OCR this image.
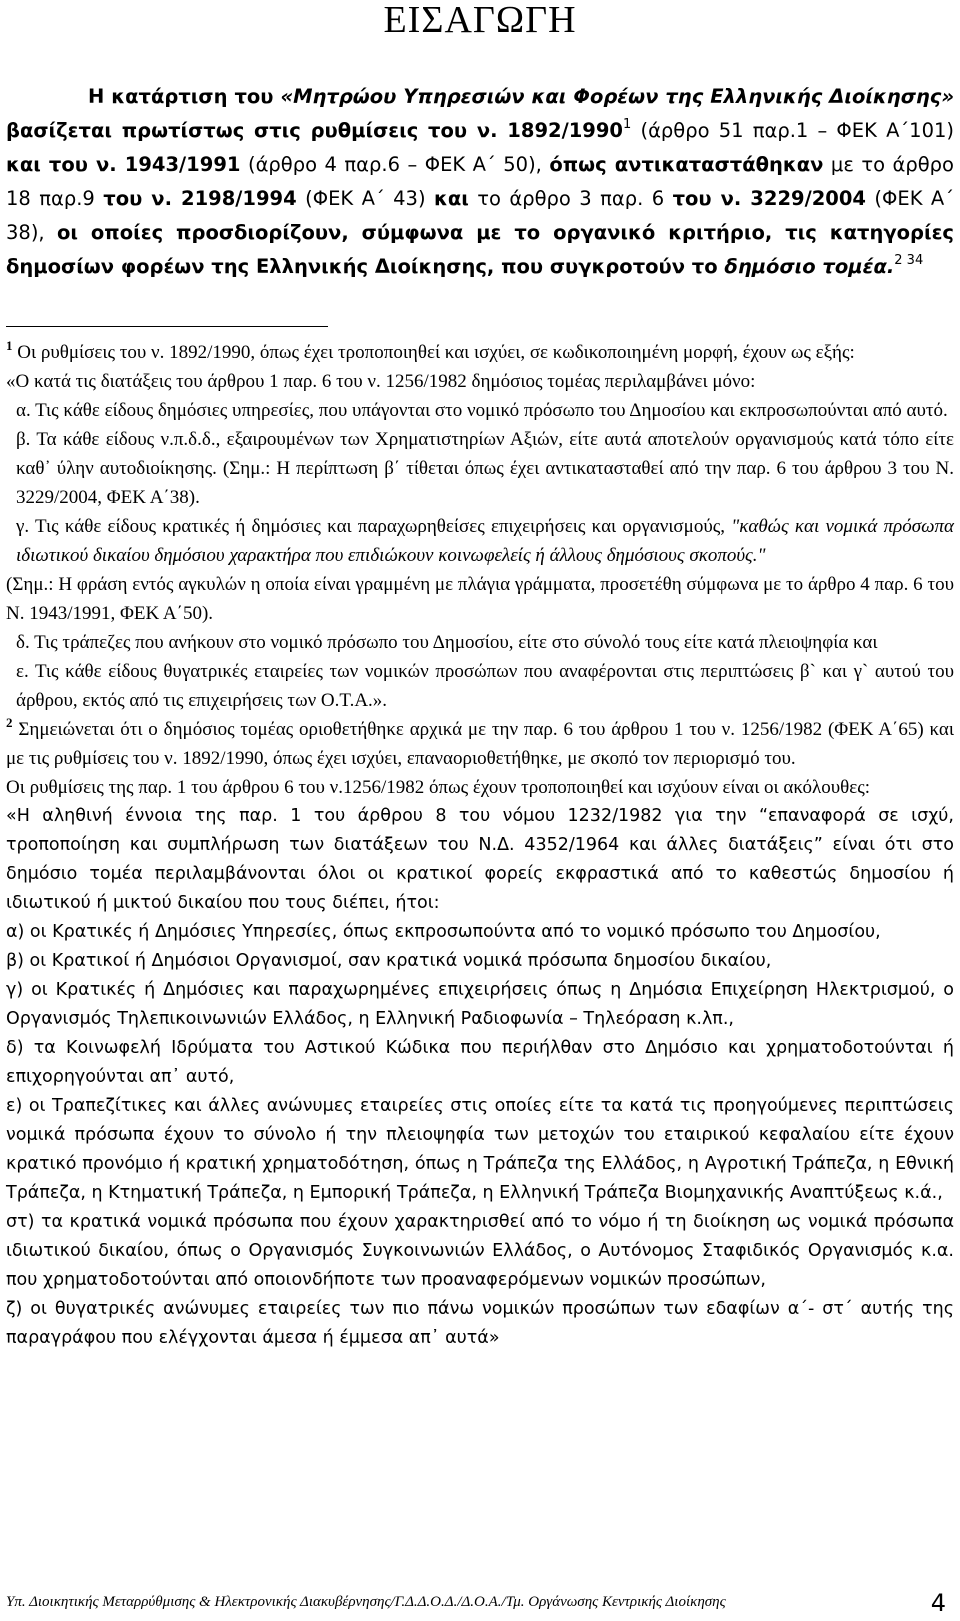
ΕΙΣΑΓΩΓΗ
Η κατάρτιση του «Μητρώου Υπηρεσιών και Φορέων της Ελληνικής Διοίκησης» βασίζεται πρωτίστως στις ρυθμίσεις του ν. 1892/1990$^1$ (άρθρο 51 παρ.1 – ΦΕΚ Α΄101) και του ν. 1943/1991 (άρθρο 4 παρ.6 – ΦΕΚ Α΄ 50), όπως αντικαταστάθηκαν με το άρθρο 18 παρ.9 του ν. 2198/1994 (ΦΕΚ Α΄ 43) και το άρθρο 3 παρ. 6 του ν. 3229/2004 (ΦΕΚ Α΄ 38), οι οποίες προσδιορίζουν, σύμφωνα με το οργανικό κριτήριο, τις κατηγορίες δημοσίων φορέων της Ελληνικής Διοίκησης, που συγκροτούν το δημόσιο τομέα.$^{2 34}$

$^1$ Οι ρυθμίσεις του ν. 1892/1990, όπως έχει τροποποιηθεί και ισχύει, σε κωδικοποιημένη μορφή, έχουν ως εξής:

«Ο κατά τις διατάξεις του άρθρου 1 παρ. 6 του ν. 1256/1982 δημόσιος τομέας περιλαμβάνει μόνο:

α. Τις κάθε είδους δημόσιες υπηρεσίες, που υπάγονται στο νομικό πρόσωπο του Δημοσίου και εκπροσωπούνται από αυτό.

β. Τα κάθε είδους ν.π.δ.δ., εξαιρουμένων των Χρηματιστηρίων Αξιών, είτε αυτά αποτελούν οργανισμούς κατά τόπο είτε καθ᾽ ύλην αυτοδιοίκησης. (Σημ.: Η περίπτωση β΄ τίθεται όπως έχει αντικατασταθεί από την παρ. 6 του άρθρου 3 του Ν. 3229/2004, ΦΕΚ Α΄38).

γ. Τις κάθε είδους κρατικές ή δημόσιες και παραχωρηθείσες επιχειρήσεις και οργανισμούς, "καθώς και νομικά πρόσωπα ιδιωτικού δικαίου δημόσιου χαρακτήρα που επιδιώκουν κοινωφελείς ή άλλους δημόσιους σκοπούς."

(Σημ.: Η φράση εντός αγκυλών η οποία είναι γραμμένη με πλάγια γράμματα, προσετέθη σύμφωνα με το άρθρο 4 παρ. 6 του Ν. 1943/1991, ΦΕΚ Α΄50).

δ. Τις τράπεζες που ανήκουν στο νομικό πρόσωπο του Δημοσίου, είτε στο σύνολό τους είτε κατά πλειοψηφία και

ε. Τις κάθε είδους θυγατρικές εταιρείες των νομικών προσώπων που αναφέρονται στις περιπτώσεις β` και γ` αυτού του άρθρου, εκτός από τις επιχειρήσεις των Ο.Τ.Α.».

$^2$ Σημειώνεται ότι ο δημόσιος τομέας οριοθετήθηκε αρχικά με την παρ. 6 του άρθρου 1 του ν. 1256/1982 (ΦΕΚ Α΄65) και με τις ρυθμίσεις του ν. 1892/1990, όπως έχει ισχύει, επαναοριοθετήθηκε, με σκοπό τον περιορισμό του.

Οι ρυθμίσεις της παρ. 1 του άρθρου 6 του ν.1256/1982 όπως έχουν τροποποιηθεί και ισχύουν είναι οι ακόλουθες:

«Η αληθινή έννοια της παρ. 1 του άρθρου 8 του νόμου 1232/1982 για την “επαναφορά σε ισχύ, τροποποίηση και συμπλήρωση των διατάξεων του Ν.Δ. 4352/1964 και άλλες διατάξεις” είναι ότι στο δημόσιο τομέα περιλαμβάνονται όλοι οι κρατικοί φορείς εκφραστικά από το καθεστώς δημοσίου ή ιδιωτικού ή μικτού δικαίου που τους διέπει, ήτοι:

α) οι Κρατικές ή Δημόσιες Υπηρεσίες, όπως εκπροσωπούντα από το νομικό πρόσωπο του Δημοσίου,

β) οι Κρατικοί ή Δημόσιοι Οργανισμοί, σαν κρατικά νομικά πρόσωπα δημοσίου δικαίου,

γ) οι Κρατικές ή Δημόσιες και παραχωρημένες επιχειρήσεις όπως η Δημόσια Επιχείρηση Ηλεκτρισμού, ο Οργανισμός Τηλεπικοινωνιών Ελλάδος, η Ελληνική Ραδιοφωνία – Τηλεόραση κ.λπ.,

δ) τα Κοινωφελή Ιδρύματα του Αστικού Κώδικα που περιήλθαν στο Δημόσιο και χρηματοδοτούνται ή επιχορηγούνται απ᾽ αυτό,

ε) οι Τραπεζίτικες και άλλες ανώνυμες εταιρείες στις οποίες είτε τα κατά τις προηγούμενες περιπτώσεις νομικά πρόσωπα έχουν το σύνολο ή την πλειοψηφία των μετοχών του εταιρικού κεφαλαίου είτε έχουν κρατικό προνόμιο ή κρατική χρηματοδότηση, όπως η Τράπεζα της Ελλάδος, η Αγροτική Τράπεζα, η Εθνική Τράπεζα, η Κτηματική Τράπεζα, η Εμπορική Τράπεζα, η Ελληνική Τράπεζα Βιομηχανικής Αναπτύξεως κ.ά.,

στ) τα κρατικά νομικά πρόσωπα που έχουν χαρακτηρισθεί από το νόμο ή τη διοίκηση ως νομικά πρόσωπα ιδιωτικού δικαίου, όπως ο Οργανισμός Συγκοινωνιών Ελλάδος, ο Αυτόνομος Σταφιδικός Οργανισμός κ.α. που χρηματοδοτούνται από οποιονδήποτε των προαναφερόμενων νομικών προσώπων,

ζ) οι θυγατρικές ανώνυμες εταιρείες των πιο πάνω νομικών προσώπων των εδαφίων α΄- στ΄ αυτής της παραγράφου που ελέγχονται άμεσα ή έμμεσα απ᾽ αυτά»

Υπ. Διοικητικής Μεταρρύθμισης & Ηλεκτρονικής Διακυβέρνησης/Γ.Δ.Δ.Ο.Δ./Δ.Ο.Α./Τμ. Οργάνωσης Κεντρικής Διοίκησης	4
